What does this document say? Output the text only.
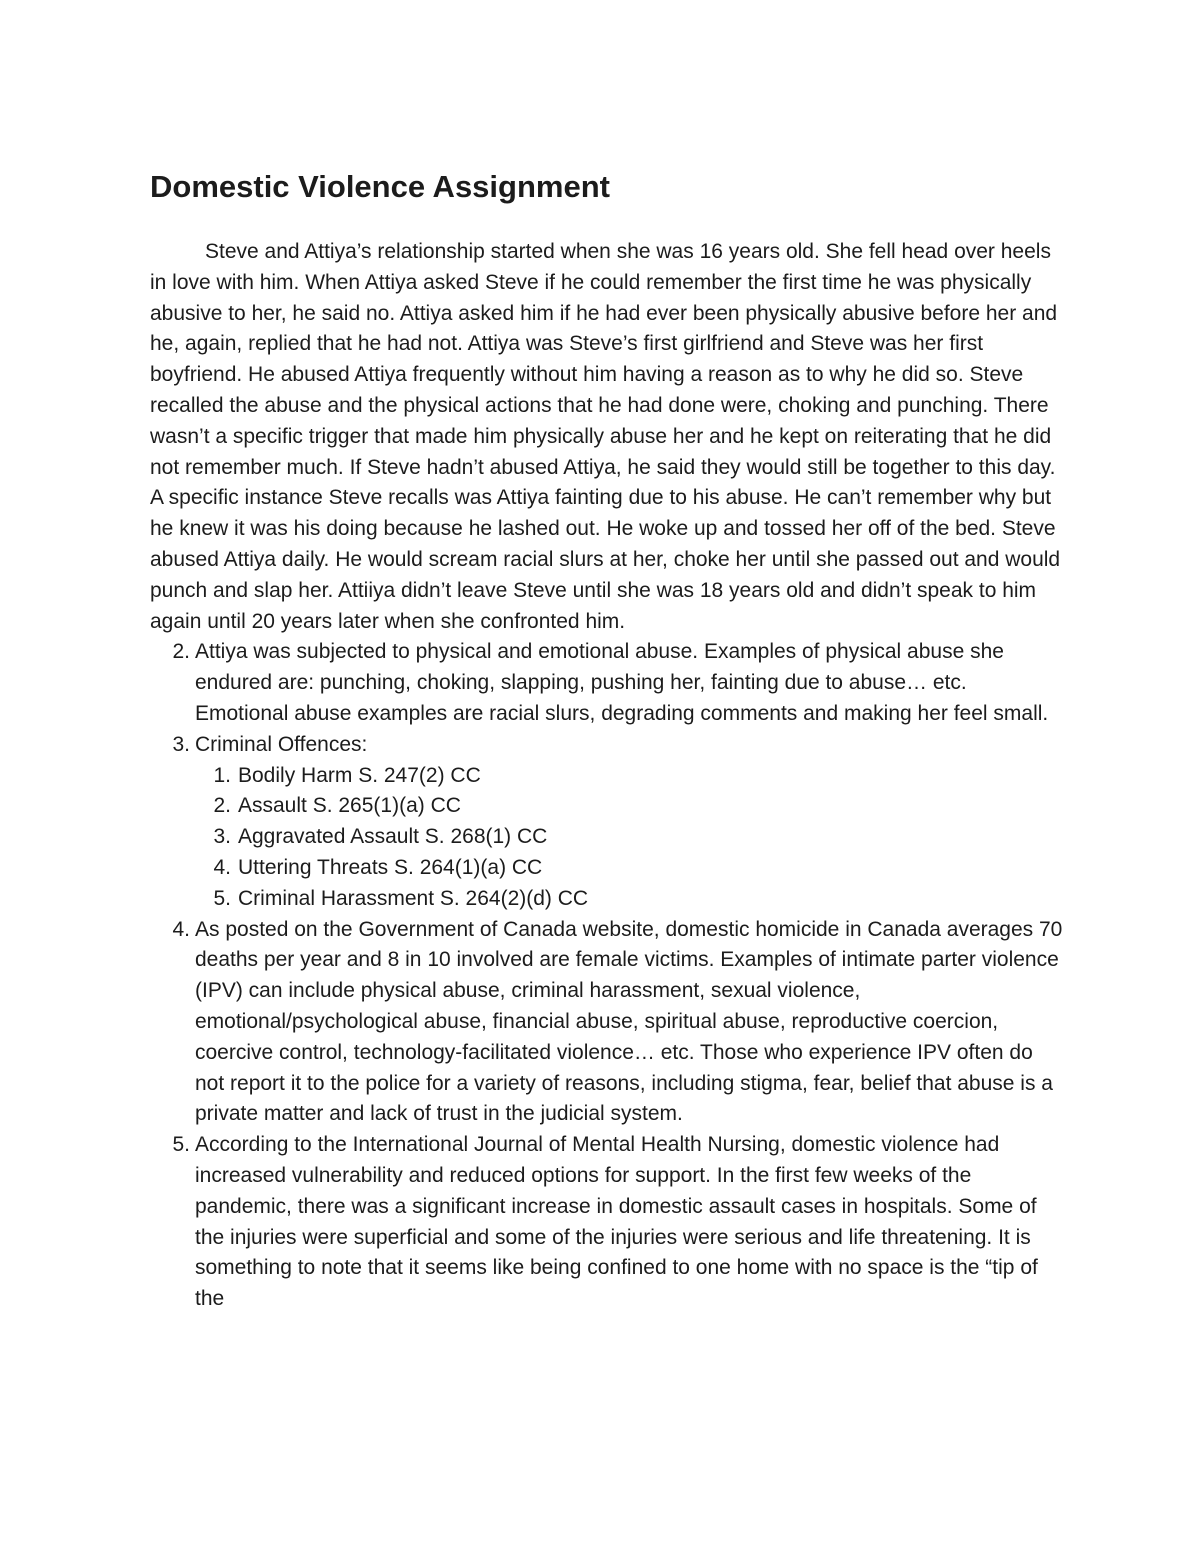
Domestic Violence Assignment

Steve and Attiya’s relationship started when she was 16 years old. She fell head over heels in love with him. When Attiya asked Steve if he could remember the first time he was physically abusive to her, he said no. Attiya asked him if he had ever been physically abusive before her and he, again, replied that he had not. Attiya was Steve’s first girlfriend and Steve was her first boyfriend. He abused Attiya frequently without him having a reason as to why he did so. Steve recalled the abuse and the physical actions that he had done were, choking and punching. There wasn’t a specific trigger that made him physically abuse her and he kept on reiterating that he did not remember much. If Steve hadn’t abused Attiya, he said they would still be together to this day. A specific instance Steve recalls was Attiya fainting due to his abuse. He can’t remember why but he knew it was his doing because he lashed out. He woke up and tossed her off of the bed. Steve abused Attiya daily. He would scream racial slurs at her, choke her until she passed out and would punch and slap her. Attiiya didn’t leave Steve until she was 18 years old and didn’t speak to him again until 20 years later when she confronted him.

2. Attiya was subjected to physical and emotional abuse. Examples of physical abuse she endured are: punching, choking, slapping, pushing her, fainting due to abuse… etc. Emotional abuse examples are racial slurs, degrading comments and making her feel small.
3. Criminal Offences:
1. Bodily Harm S. 247(2) CC
2. Assault S. 265(1)(a) CC
3. Aggravated Assault S. 268(1) CC
4. Uttering Threats S. 264(1)(a) CC
5. Criminal Harassment S. 264(2)(d) CC
4. As posted on the Government of Canada website, domestic homicide in Canada averages 70 deaths per year and 8 in 10 involved are female victims. Examples of intimate parter violence (IPV) can include physical abuse, criminal harassment, sexual violence, emotional/psychological abuse, financial abuse, spiritual abuse, reproductive coercion, coercive control, technology-facilitated violence… etc. Those who experience IPV often do not report it to the police for a variety of reasons, including stigma, fear, belief that abuse is a private matter and lack of trust in the judicial system.
5. According to the International Journal of Mental Health Nursing, domestic violence had increased vulnerability and reduced options for support. In the first few weeks of the pandemic, there was a significant increase in domestic assault cases in hospitals. Some of the injuries were superficial and some of the injuries were serious and life threatening. It is something to note that it seems like being confined to one home with no space is the “tip of the
